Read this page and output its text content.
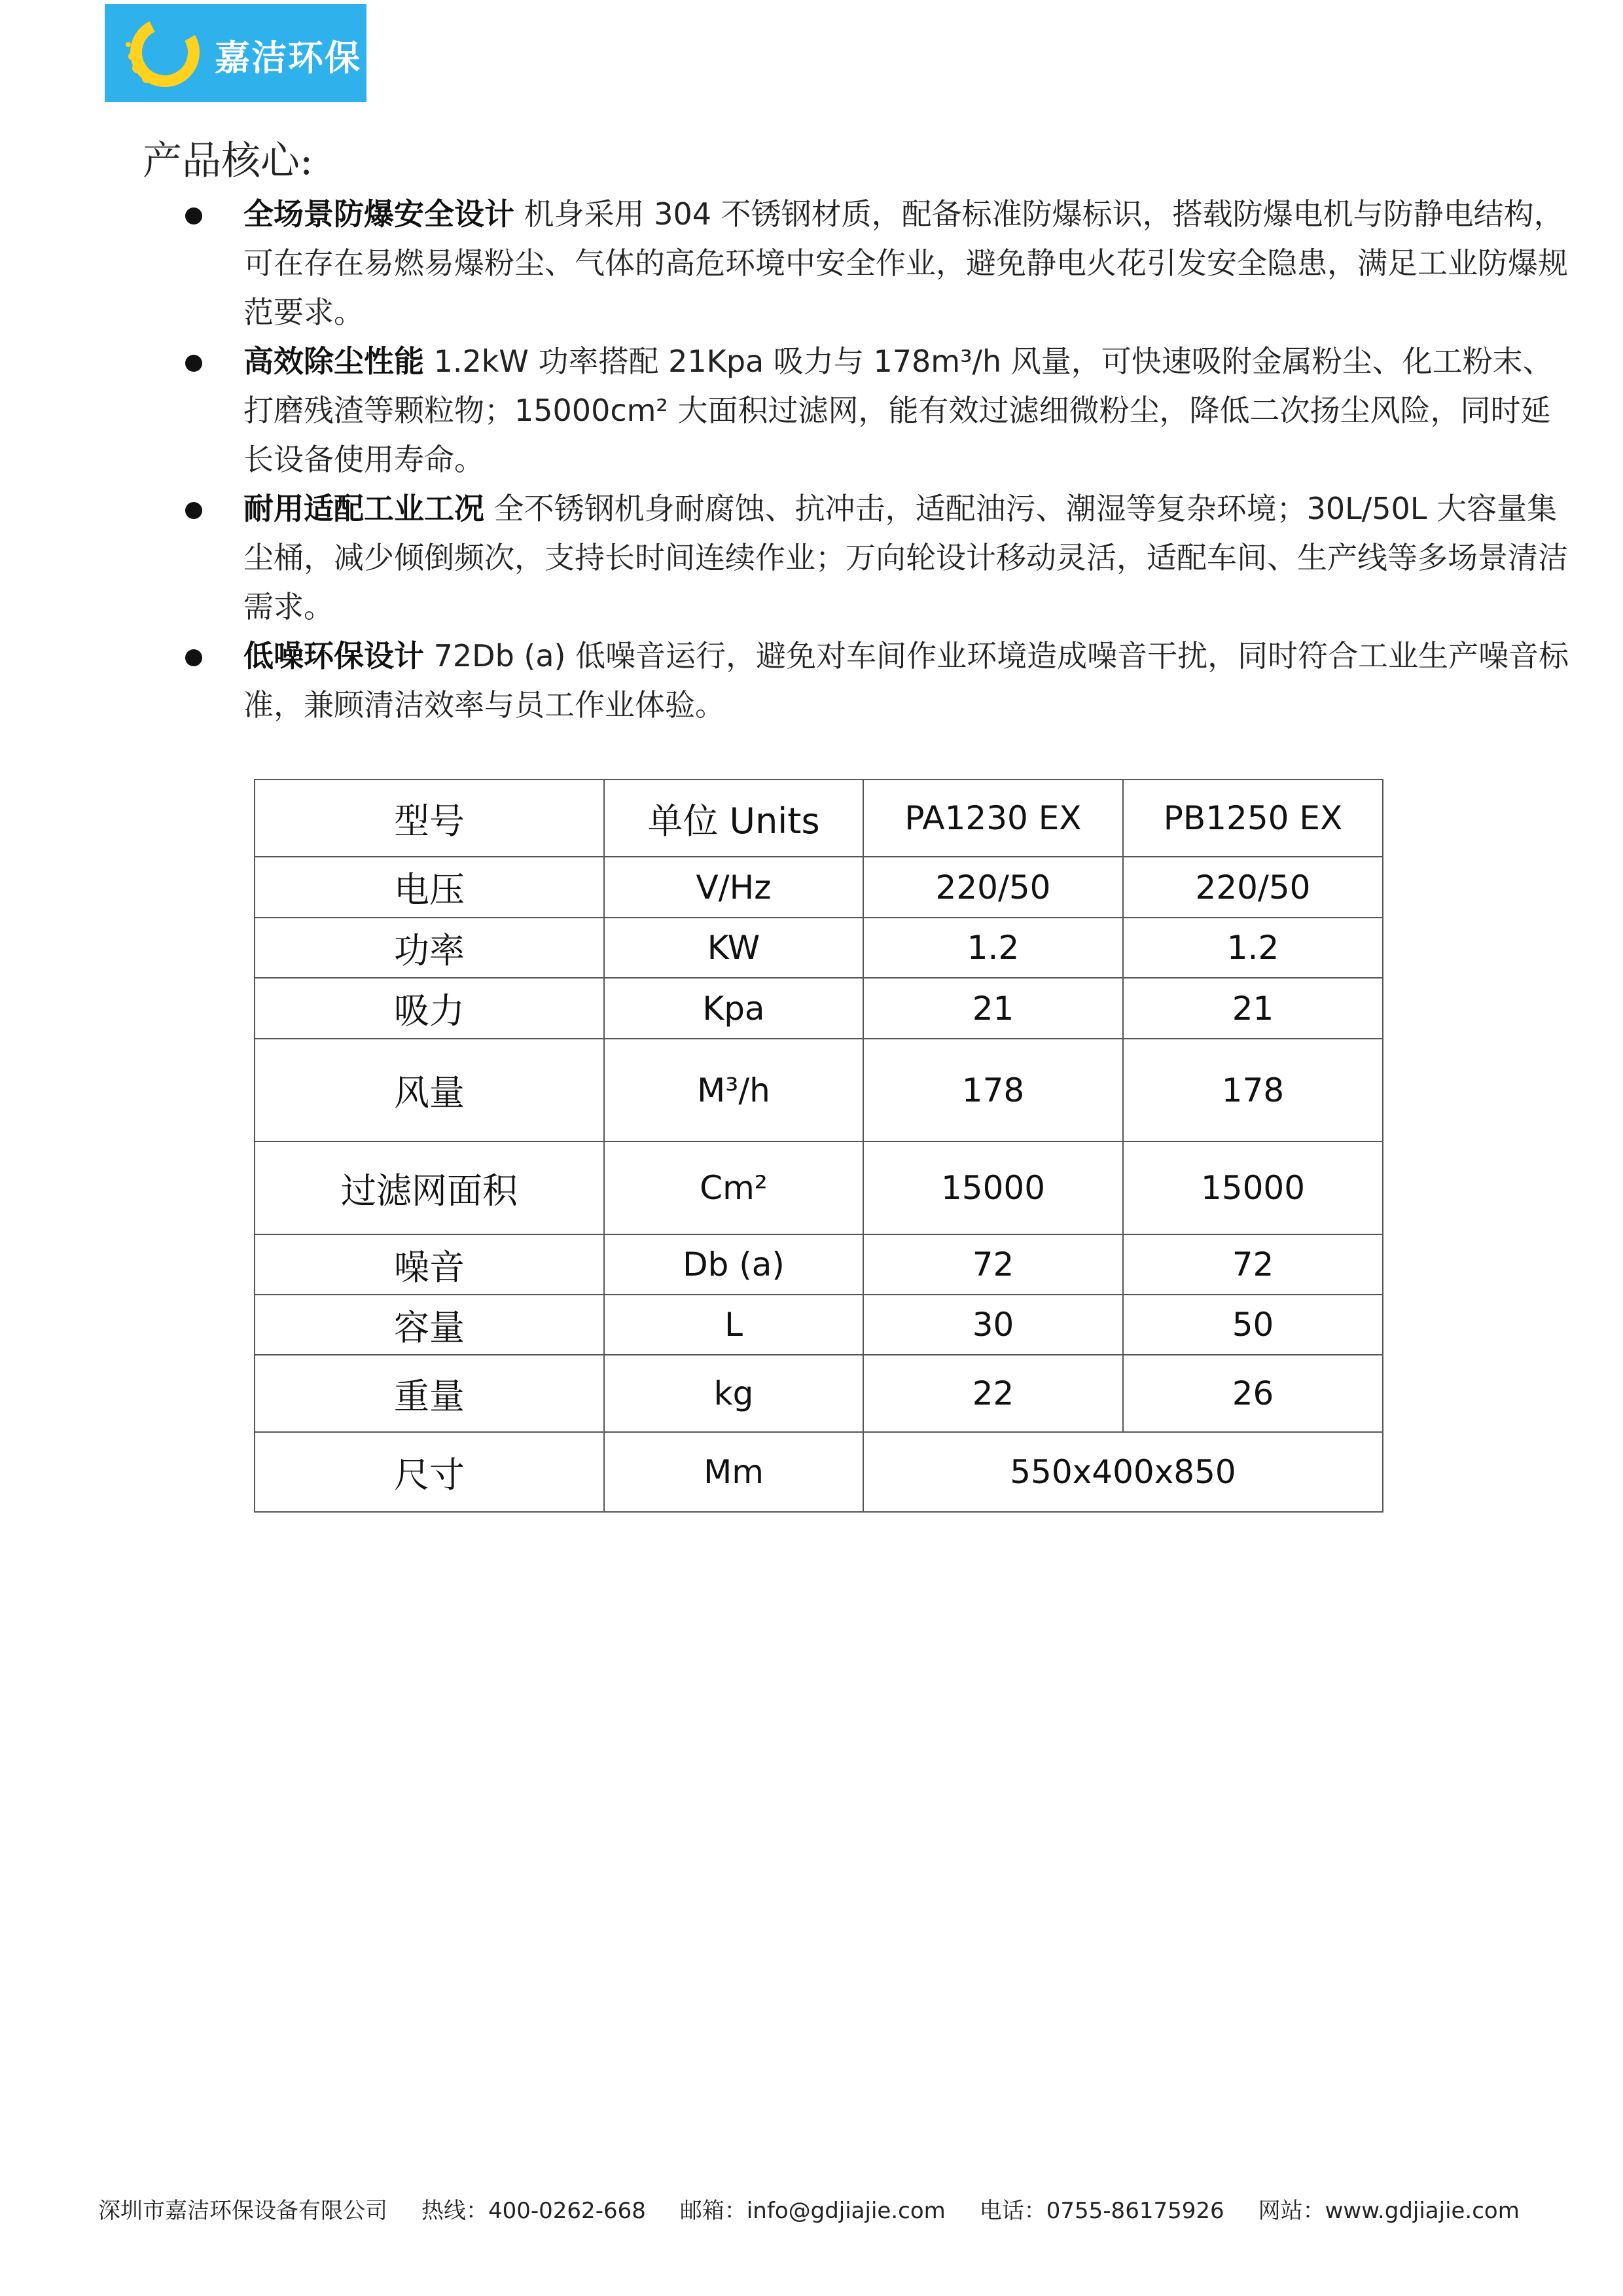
嘉洁环保
产品核心:
全场景防爆安全设计 机身采用 304 不锈钢材质，配备标准防爆标识，搭载防爆电机与防静电结构，可在存在易燃易爆粉尘、气体的高危环境中安全作业，避免静电火花引发安全隐患，满足工业防爆规范要求。
高效除尘性能 1.2kW 功率搭配 21Kpa 吸力与 178m³/h 风量，可快速吸附金属粉尘、化工粉末、打磨残渣等颗粒物；15000cm² 大面积过滤网，能有效过滤细微粉尘，降低二次扬尘风险，同时延长设备使用寿命。
耐用适配工业工况 全不锈钢机身耐腐蚀、抗冲击，适配油污、潮湿等复杂环境；30L/50L 大容量集尘桶，减少倾倒频次，支持长时间连续作业；万向轮设计移动灵活，适配车间、生产线等多场景清洁需求。
低噪环保设计 72Db (a) 低噪音运行，避免对车间作业环境造成噪音干扰，同时符合工业生产噪音标准，兼顾清洁效率与员工作业体验。
型号	单位 Units	PA1230 EX	PB1250 EX
电压	V/Hz	220/50	220/50
功率	KW	1.2	1.2
吸力	Kpa	21	21
风量	M³/h	178	178
过滤网面积	Cm²	15000	15000
噪音	Db (a)	72	72
容量	L	30	50
重量	kg	22	26
尺寸	Mm	550x400x850	
深圳市嘉洁环保设备有限公司 热线：400-0262-668 邮箱：info@gdjiajie.com 电话：0755-86175926 网站：www.gdjiajie.com
